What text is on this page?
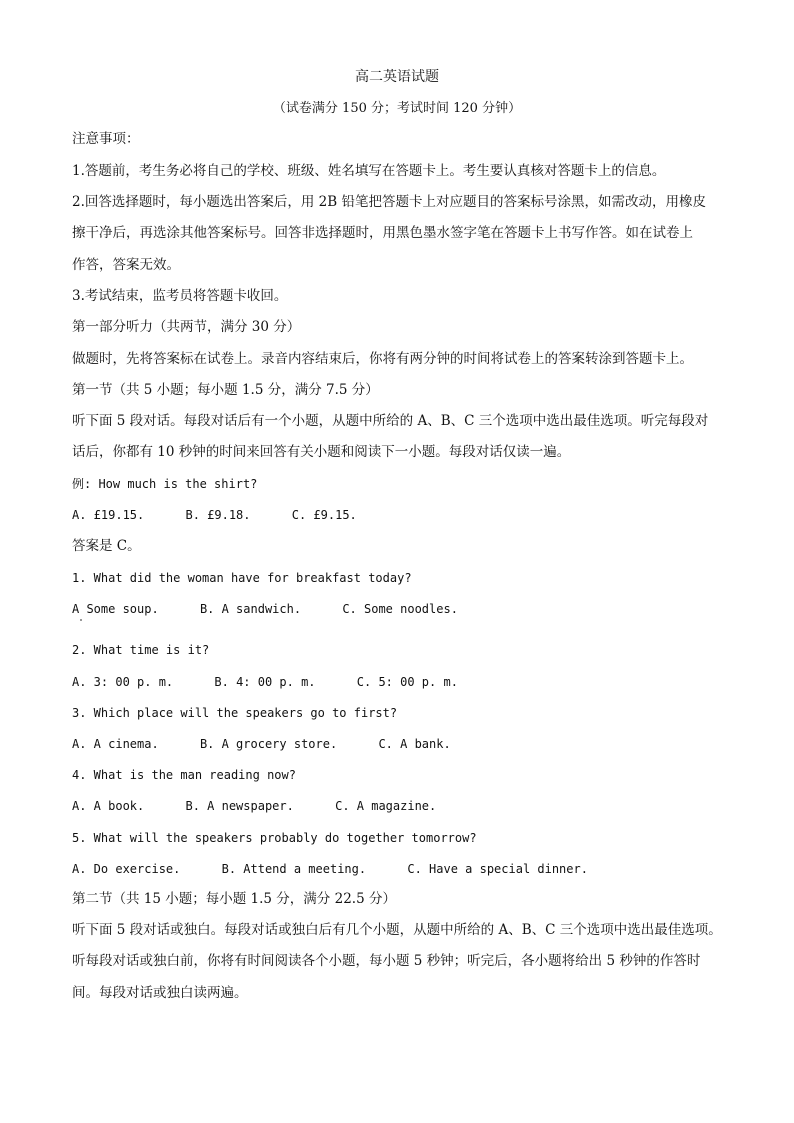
高二英语试题
（试卷满分 150 分；考试时间 120 分钟）
注意事项：
1.答题前，考生务必将自己的学校、班级、姓名填写在答题卡上。考生要认真核对答题卡上的信息。
2.回答选择题时，每小题选出答案后，用 2B 铅笔把答题卡上对应题目的答案标号涂黑，如需改动，用橡皮
擦干净后，再选涂其他答案标号。回答非选择题时，用黑色墨水签字笔在答题卡上书写作答。如在试卷上
作答，答案无效。
3.考试结束，监考员将答题卡收回。
第一部分听力（共两节，满分 30 分）
做题时，先将答案标在试卷上。录音内容结束后，你将有两分钟的时间将试卷上的答案转涂到答题卡上。
第一节（共 5 小题；每小题 1.5 分，满分 7.5 分）
听下面 5 段对话。每段对话后有一个小题，从题中所给的 A、B、C 三个选项中选出最佳选项。听完每段对
话后，你都有 10 秒钟的时间来回答有关小题和阅读下一小题。每段对话仅读一遍。
例: How much is the shirt?
A. £19.15.	B. £9.18.	C. £9.15.
答案是 C。
1. What did the woman have for breakfast today?
A Some soup.	B. A sandwich.	C. Some noodles.
2. What time is it?
A. 3: 00 p. m.	B. 4: 00 p. m.	C. 5: 00 p. m.
3. Which place will the speakers go to first?
A. A cinema.	B. A grocery store.	C. A bank.
4. What is the man reading now?
A. A book.	B. A newspaper.	C. A magazine.
5. What will the speakers probably do together tomorrow?
A. Do exercise.	B. Attend a meeting.	C. Have a special dinner.
第二节（共 15 小题；每小题 1.5 分，满分 22.5 分）
听下面 5 段对话或独白。每段对话或独白后有几个小题，从题中所给的 A、B、C 三个选项中选出最佳选项。
听每段对话或独白前，你将有时间阅读各个小题，每小题 5 秒钟；听完后，各小题将给出 5 秒钟的作答时
间。每段对话或独白读两遍。
